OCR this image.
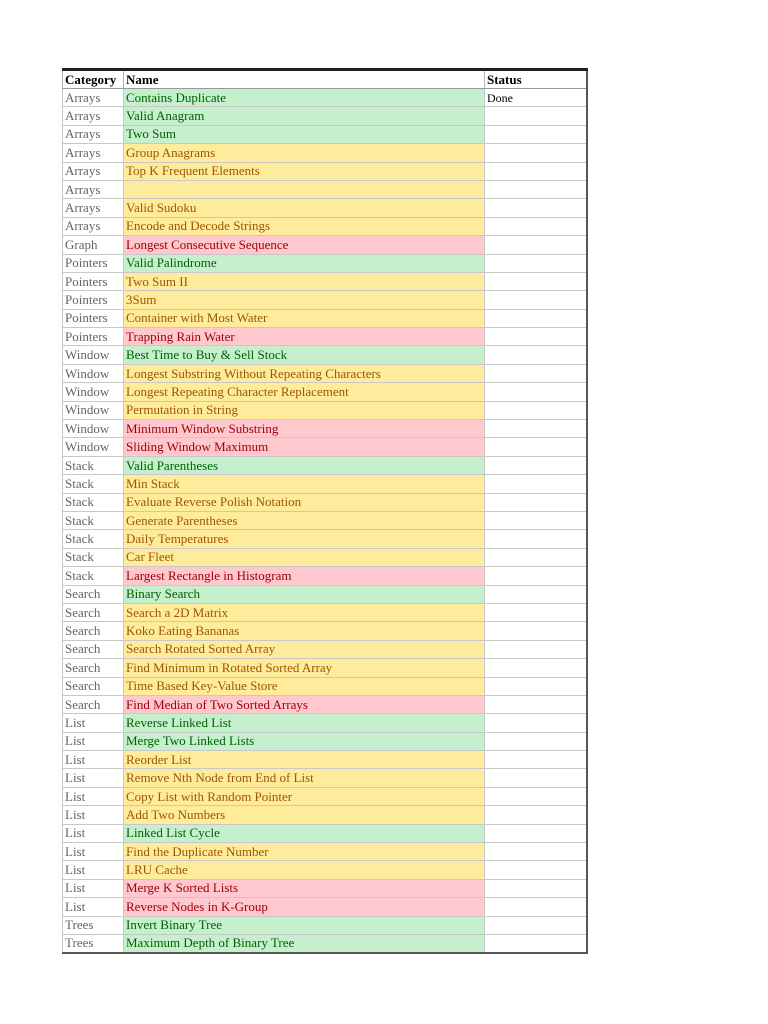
Category	Name	Status
Arrays	Contains Duplicate	Done
Arrays	Valid Anagram	
Arrays	Two Sum	
Arrays	Group Anagrams	
Arrays	Top K Frequent Elements	
Arrays		
Arrays	Valid Sudoku	
Arrays	Encode and Decode Strings	
Graph	Longest Consecutive Sequence	
Pointers	Valid Palindrome	
Pointers	Two Sum II	
Pointers	3Sum	
Pointers	Container with Most Water	
Pointers	Trapping Rain Water	
Window	Best Time to Buy & Sell Stock	
Window	Longest Substring Without Repeating Characters	
Window	Longest Repeating Character Replacement	
Window	Permutation in String	
Window	Minimum Window Substring	
Window	Sliding Window Maximum	
Stack	Valid Parentheses	
Stack	Min Stack	
Stack	Evaluate Reverse Polish Notation	
Stack	Generate Parentheses	
Stack	Daily Temperatures	
Stack	Car Fleet	
Stack	Largest Rectangle in Histogram	
Search	Binary Search	
Search	Search a 2D Matrix	
Search	Koko Eating Bananas	
Search	Search Rotated Sorted Array	
Search	Find Minimum in Rotated Sorted Array	
Search	Time Based Key-Value Store	
Search	Find Median of Two Sorted Arrays	
List	Reverse Linked List	
List	Merge Two Linked Lists	
List	Reorder List	
List	Remove Nth Node from End of List	
List	Copy List with Random Pointer	
List	Add Two Numbers	
List	Linked List Cycle	
List	Find the Duplicate Number	
List	LRU Cache	
List	Merge K Sorted Lists	
List	Reverse Nodes in K-Group	
Trees	Invert Binary Tree	
Trees	Maximum Depth of Binary Tree	
